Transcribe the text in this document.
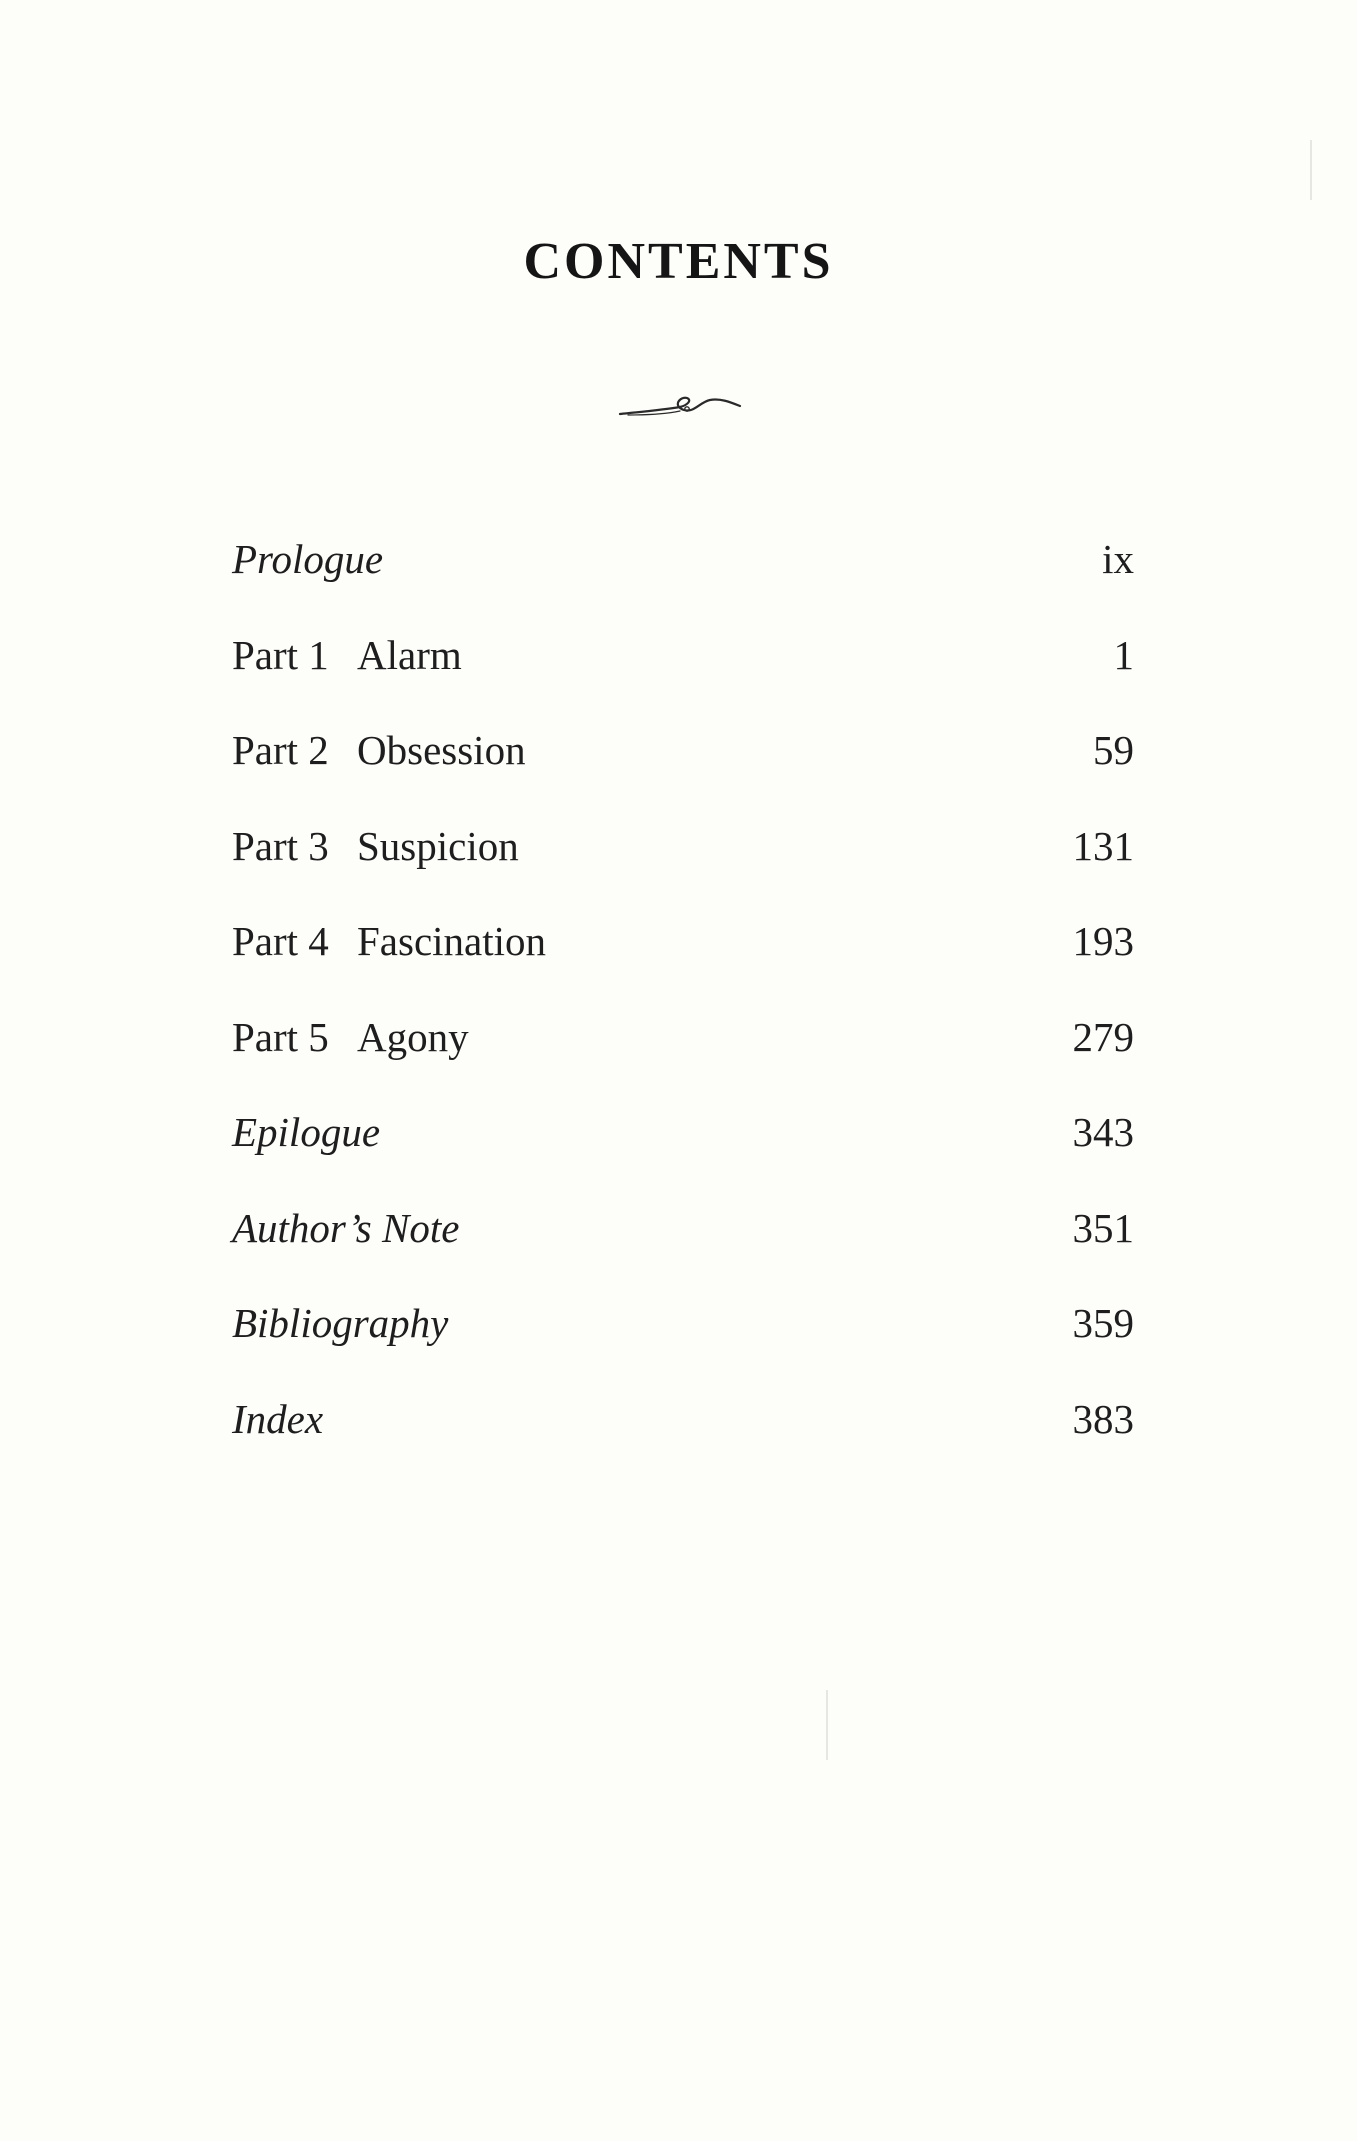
CONTENTS
Prologue	ix
Part 1 Alarm	1
Part 2 Obsession	59
Part 3 Suspicion	131
Part 4 Fascination	193
Part 5 Agony	279
Epilogue	343
Author’s Note	351
Bibliography	359
Index	383
